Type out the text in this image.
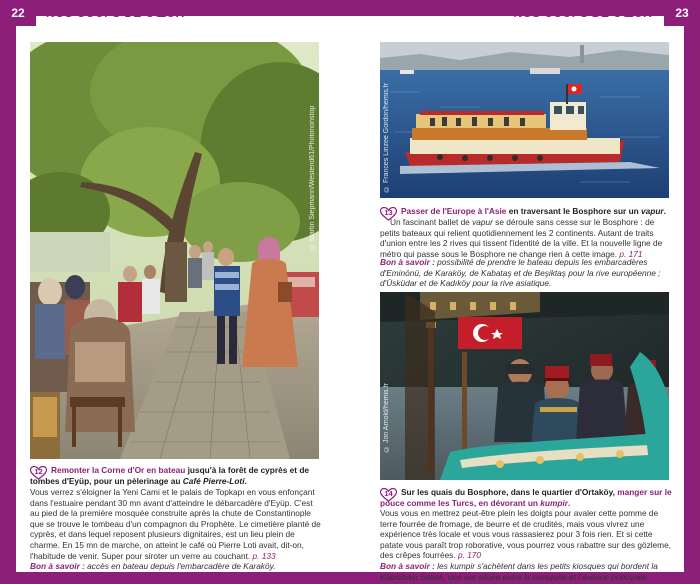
22	NOS COUPS DE CŒUR	NOS COUPS DE CŒUR	23
© Martin Siepmann/Westend61/Photononstop
12	Remonter la Corne d'Or en bateau jusqu'à la forêt de cyprès et de tombes d'Eyüp, pour un pèlerinage au Café Pierre-Loti.
Vous verrez s'éloigner la Yeni Cami et le palais de Topkapı en vous enfonçant dans l'estuaire pendant 30 mn avant d'atteindre le débarcadère d'Eyüp. C'est au pied de la première mosquée construite après la chute de Constantinople que se trouve le tombeau d'un compagnon du Prophète. Le cimetière planté de cyprès, et dans lequel reposent plusieurs dignitaires, est un lieu plein de charme. En 15 mn de marche, on atteint le café où Pierre Loti avait, dit-on, l'habitude de venir. Super pour siroter un verre au couchant. p. 133
Bon à savoir : accès en bateau depuis l'embarcadère de Karaköy.
© Frances Linzee Gordon/hemis.fr
13	Passer de l'Europe à l'Asie en traversant le Bosphore sur un vapur.
Un fascinant ballet de vapur se déroule sans cesse sur le Bosphore : de petits bateaux qui relient quotidiennement les 2 continents. Autant de traits d'union entre les 2 rives qui tissent l'identité de la ville. Et la nouvelle ligne de métro qui passe sous le Bosphore ne change rien à cette image. p. 171
Bon à savoir : possibilité de prendre le bateau depuis les embarcadères d'Eminönü, de Karaköy, de Kabataş et de Beşiktaş pour la rive européenne ; d'Üsküdar et de Kadıköy pour la rive asiatique.
© Jon Arnold/hemis.fr
14	Sur les quais du Bosphore, dans le quartier d'Ortaköy, manger sur le pouce comme les Turcs, en dévorant un kumpir.
Vous vous en mettrez peut-être plein les doigts pour avaler cette pomme de terre fourrée de fromage, de beurre et de crudités, mais vous vivrez une expérience très locale et vous vous rassasierez pour 3 fois rien. Et si cette patate vous paraît trop roborative, vous pourrez vous rabattre sur des gözleme, des crêpes fourrées. p. 170
Bon à savoir : les kumpir s'achètent dans les petits kiosques qui bordent la Köprübaşı Sokak, une rue située entre la mosquée et l'avenue principale.
